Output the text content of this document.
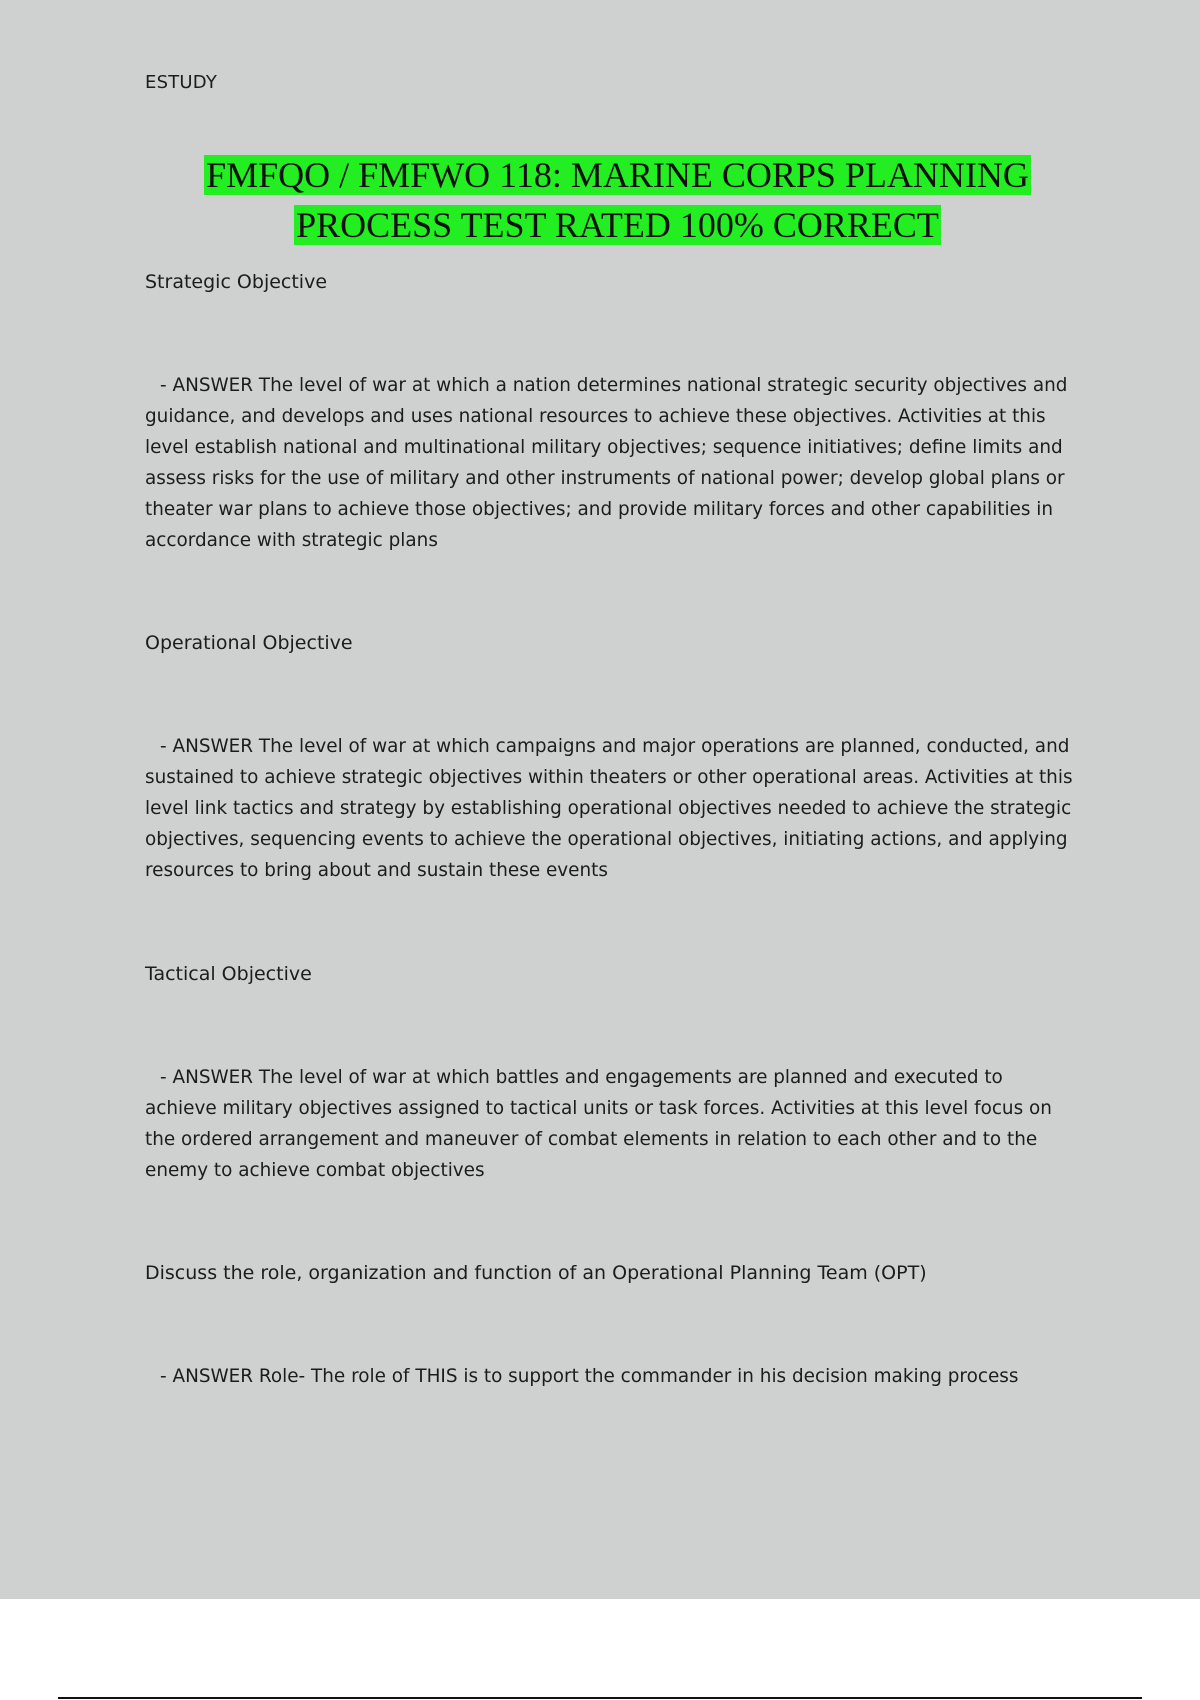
ESTUDY
FMFQO / FMFWO 118: MARINE CORPS PLANNING
PROCESS TEST RATED 100% CORRECT

Strategic Objective

- ANSWER The level of war at which a nation determines national strategic security objectives and guidance, and develops and uses national resources to achieve these objectives. Activities at this level establish national and multinational military objectives; sequence initiatives; define limits and assess risks for the use of military and other instruments of national power; develop global plans or theater war plans to achieve those objectives; and provide military forces and other capabilities in accordance with strategic plans

Operational Objective

- ANSWER The level of war at which campaigns and major operations are planned, conducted, and sustained to achieve strategic objectives within theaters or other operational areas. Activities at this level link tactics and strategy by establishing operational objectives needed to achieve the strategic objectives, sequencing events to achieve the operational objectives, initiating actions, and applying resources to bring about and sustain these events

Tactical Objective

- ANSWER The level of war at which battles and engagements are planned and executed to achieve military objectives assigned to tactical units or task forces. Activities at this level focus on the ordered arrangement and maneuver of combat elements in relation to each other and to the enemy to achieve combat objectives

Discuss the role, organization and function of an Operational Planning Team (OPT)

- ANSWER Role- The role of THIS is to support the commander in his decision making process
